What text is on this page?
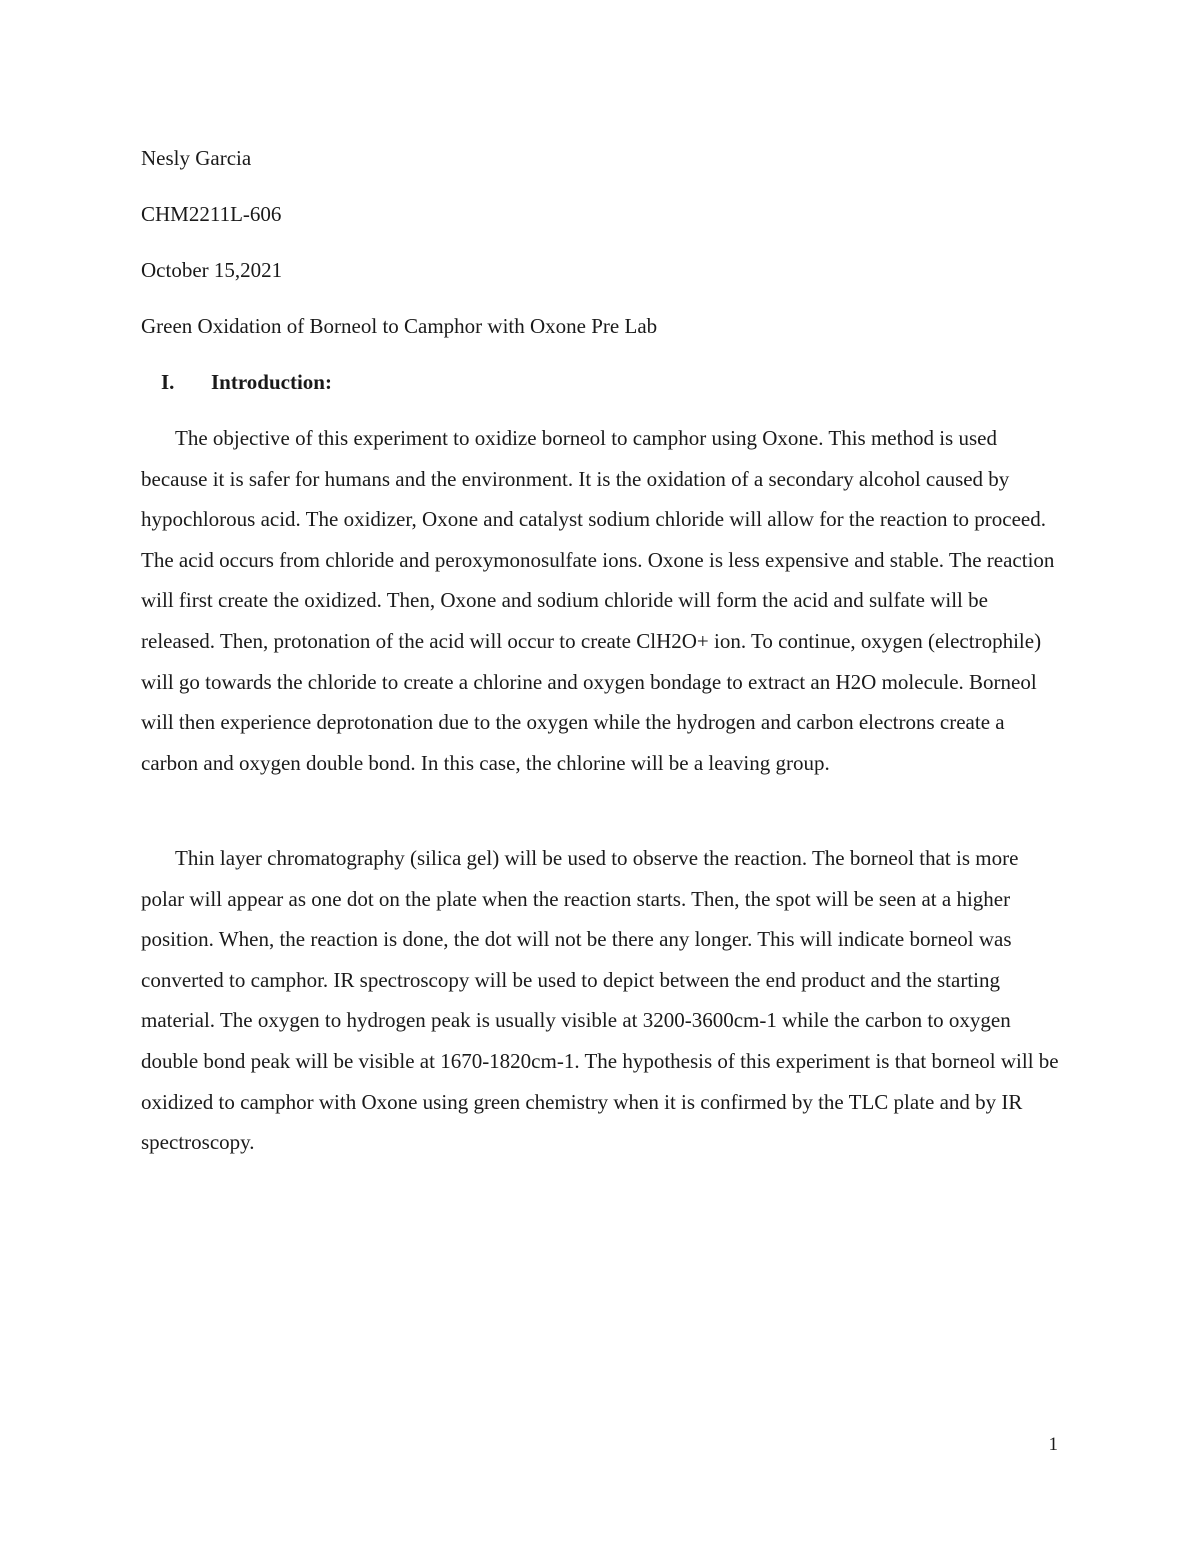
Nesly Garcia

CHM2211L-606

October 15,2021

Green Oxidation of Borneol to Camphor with Oxone Pre Lab

I. Introduction:

The objective of this experiment to oxidize borneol to camphor using Oxone. This method is used because it is safer for humans and the environment. It is the oxidation of a secondary alcohol caused by hypochlorous acid. The oxidizer, Oxone and catalyst sodium chloride will allow for the reaction to proceed. The acid occurs from chloride and peroxymonosulfate ions. Oxone is less expensive and stable. The reaction will first create the oxidized. Then, Oxone and sodium chloride will form the acid and sulfate will be released. Then, protonation of the acid will occur to create ClH2O+ ion. To continue, oxygen (electrophile) will go towards the chloride to create a chlorine and oxygen bondage to extract an H2O molecule. Borneol will then experience deprotonation due to the oxygen while the hydrogen and carbon electrons create a carbon and oxygen double bond. In this case, the chlorine will be a leaving group.

Thin layer chromatography (silica gel) will be used to observe the reaction. The borneol that is more polar will appear as one dot on the plate when the reaction starts. Then, the spot will be seen at a higher position. When, the reaction is done, the dot will not be there any longer. This will indicate borneol was converted to camphor. IR spectroscopy will be used to depict between the end product and the starting material. The oxygen to hydrogen peak is usually visible at 3200-3600cm-1 while the carbon to oxygen double bond peak will be visible at 1670-1820cm-1. The hypothesis of this experiment is that borneol will be oxidized to camphor with Oxone using green chemistry when it is confirmed by the TLC plate and by IR spectroscopy.

1
